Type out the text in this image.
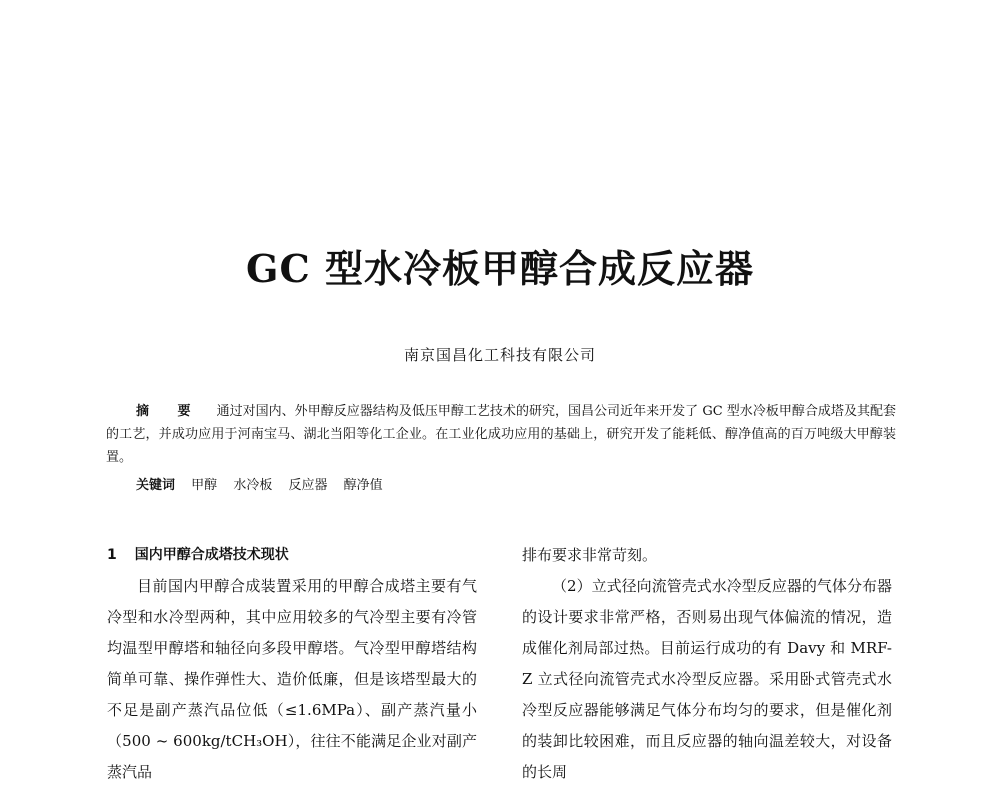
GC 型水冷板甲醇合成反应器
南京国昌化工科技有限公司
摘 要 通过对国内、外甲醇反应器结构及低压甲醇工艺技术的研究，国昌公司近年来开发了 GC 型水冷板甲醇合成塔及其配套的工艺，并成功应用于河南宝马、湖北当阳等化工企业。在工业化成功应用的基础上，研究开发了能耗低、醇净值高的百万吨级大甲醇装置。
关键词 甲醇 水冷板 反应器 醇净值
1 国内甲醇合成塔技术现状

目前国内甲醇合成装置采用的甲醇合成塔主要有气冷型和水冷型两种，其中应用较多的气冷型主要有冷管均温型甲醇塔和轴径向多段甲醇塔。气冷型甲醇塔结构简单可靠、操作弹性大、造价低廉，但是该塔型最大的不足是副产蒸汽品位低（≤1.6MPa）、副产蒸汽量小（500 ~ 600kg/tCH₃OH），往往不能满足企业对副产蒸汽品

排布要求非常苛刻。

（2）立式径向流管壳式水冷型反应器的气体分布器的设计要求非常严格，否则易出现气体偏流的情况，造成催化剂局部过热。目前运行成功的有 Davy 和 MRF-Z 立式径向流管壳式水冷型反应器。采用卧式管壳式水冷型反应器能够满足气体分布均匀的要求，但是催化剂的装卸比较困难，而且反应器的轴向温差较大，对设备的长周
